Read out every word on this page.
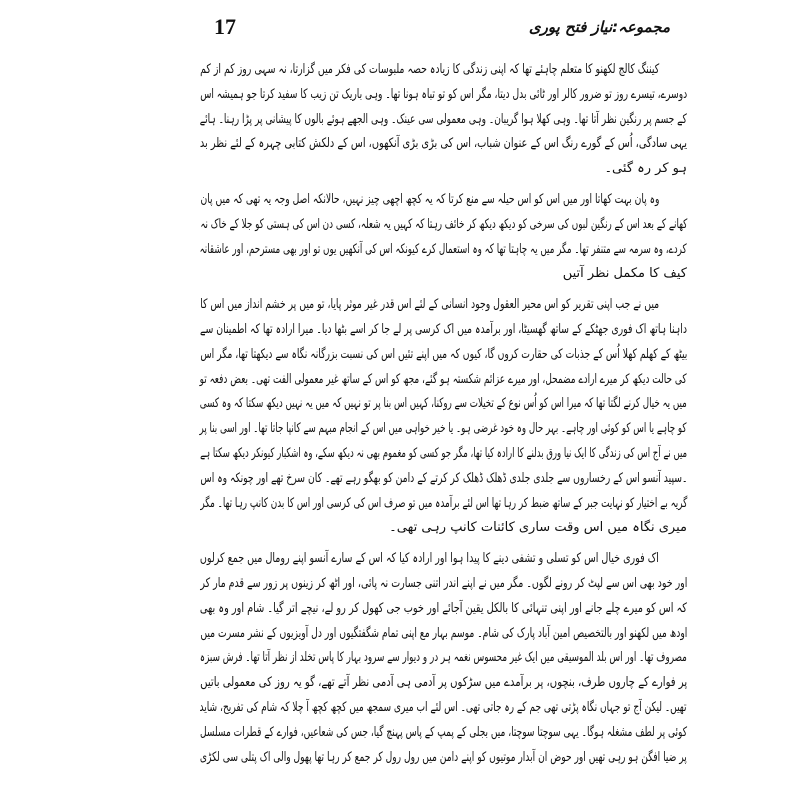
17	مجموعہ:نیاز فتح پوری
کیننگ کالج لکھنو کا متعلم چاہئے تھا کہ اپنی زندگی کا زیادہ حصہ ملبوسات کی فکر میں گزارتا، نہ سہی روز کم از کم
دوسرے، تیسرے روز تو ضرور کالر اور ٹائی بدل دیتا، مگر اس کو تو تباہ ہونا تھا۔ وہی باریک تن زیب کا سفید کرتا جو ہمیشہ اس
کے جسم پر رنگین نظر آتا تھا۔ وہی کھلا ہوا گریبان۔ وہی معمولی سی عینک۔ وہی الجھے ہوئے بالوں کا پیشانی پر پڑا رہنا۔ ہائے
یہی سادگی، اُس کے گورے رنگ اس کے عنوان شباب، اس کی بڑی بڑی آنکھوں، اس کے دلکش کتابی چہرہ کے لئے نظر بد
ہو کر رہ گئی۔
وہ پان بہت کھاتا اور میں اس کو اس حیلہ سے منع کرتا کہ یہ کچھ اچھی چیز نہیں، حالانکہ اصل وجہ یہ تھی کہ میں پان
کھانے کے بعد اس کے رنگین لبوں کی سرخی کو دیکھ دیکھ کر خائف رہتا کہ کہیں یہ شعلہ، کسی دن اس کی ہستی کو جلا کے خاک نہ
کردے، وہ سرمہ سے متنفر تھا۔ مگر میں یہ چاہتا تھا کہ وہ استعمال کرے کیونکہ اس کی آنکھیں یوں تو اور بھی مسترحم، اور عاشقانہ
کیف کا مکمل نظر آتیں
میں نے جب اپنی تقریر کو اس محیر العقول وجود انسانی کے لئے اس قدر غیر موثر پایا، تو میں پر خشم انداز میں اس کا
داہنا ہاتھ اک فوری جھٹکے کے ساتھ گھسیٹا، اور برآمدہ میں اک کرسی پر لے جا کر اسے بٹھا دیا۔ میرا ارادہ تھا کہ اطمینان سے
بیٹھ کے کھلم کھلا اُس کے جذبات کی حقارت کروں گا، کیوں کہ میں اپنے تئیں اس کی نسبت بزرگانہ نگاہ سے دیکھتا تھا، مگر اس
کی حالت دیکھ کر میرے ارادے مضمحل، اور میرے عزائم شکستہ ہو گئے، مجھ کو اس کے ساتھ غیر معمولی الفت تھی۔ بعض دفعہ تو
میں یہ خیال کرنے لگتا تھا کہ میرا اس کو اُس نوع کے تخیلات سے روکنا، کہیں اس بنا پر تو نہیں کہ میں یہ نہیں دیکھ سکتا کہ وہ کسی
کو چاہے یا اس کو کوئی اور چاہے۔ بہر حال وہ خود غرضی ہو۔ یا خیر خواہی میں اس کے انجام مبہم سے کانپا جاتا تھا۔ اور اسی بنا پر
میں نے آج اس کی زندگی کا ایک نیا ورق بدلنے کا ارادہ کیا تھا، مگر جو کسی کو مغموم بھی نہ دیکھ سکے، وہ اشکبار کیونکر دیکھ سکتا ہے
۔سپید آنسو اس کے رخساروں سے جلدی جلدی ڈھلک ڈھلک کر کرتے کے دامن کو بھگو رہے تھے۔ کان سرخ تھے اور چونکہ وہ اس
گریہ بے اختیار کو نہایت جبر کے ساتھ ضبط کر رہا تھا اس لئے برآمدہ میں تو صرف اس کی کرسی اور اس کا بدن کانپ رہا تھا۔ مگر
میری نگاہ میں اس وقت ساری کائنات کانپ رہی تھی۔
اک فوری خیال اس کو تسلی و تشفی دینے کا پیدا ہوا اور ارادہ کیا کہ اس کے سارے آنسو اپنے رومال میں جمع کرلوں
اور خود بھی اس سے لپٹ کر رونے لگوں۔ مگر میں نے اپنے اندر اتنی جسارت نہ پائی، اور اٹھ کر زینوں پر زور سے قدم مار کر
کہ اس کو میرے چلے جانے اور اپنی تنہائی کا بالکل یقین آجائے اور خوب جی کھول کر رو لے، نیچے اتر گیا۔ شام اور وہ بھی
اودھ میں لکھنو اور بالتخصیص امین آباد پارک کی شام۔ موسم بہار مع اپنی تمام شگفتگیوں اور دل آویزیوں کے نشر مسرت میں
مصروف تھا۔ اور اس بلد الموسیقی میں ایک غیر محسوس نغمہ ہر در و دیوار سے سرود بہار کا پاس تخلد از نظر آتا تھا۔ فرش سبزہ
پر فوارے کے چاروں طرف، بنچوں، پر برآمدے میں سڑکوں پر آدمی ہی آدمی نظر آتے تھے، گو یہ روز کی معمولی باتیں
تھیں۔ لیکن آج تو جہاں نگاہ پڑتی تھی جم کے رہ جاتی تھی۔ اس لئے اب میری سمجھ میں کچھ کچھ آ چلا کہ شام کی تفریح، شاید
کوئی پر لطف مشغلہ ہوگا۔ یہی سوچتا سوچتا، میں بجلی کے پمپ کے پاس پہنچ گیا، جس کی شعاعیں، فوارے کے قطرات مسلسل
پر ضیا افگن ہو رہی تھیں اور حوض ان آبدار موتیوں کو اپنے دامن میں رول رول کر جمع کر رہا تھا پھول والی اک پتلی سی لکڑی
